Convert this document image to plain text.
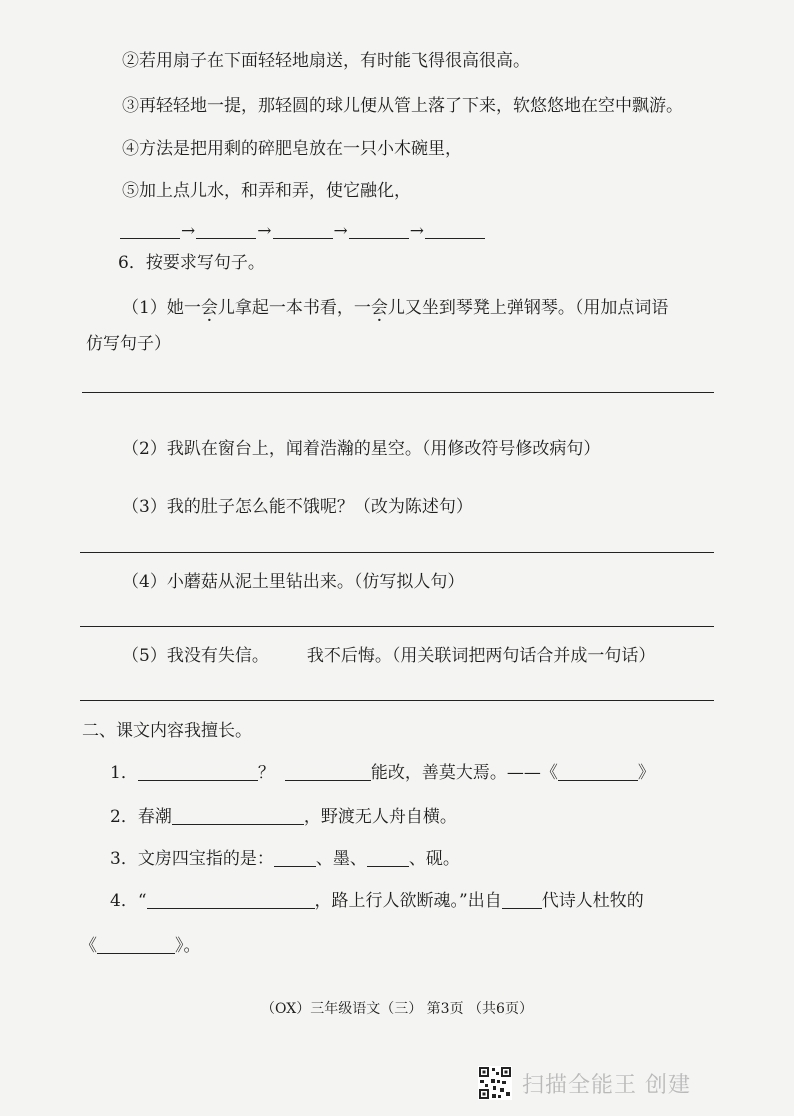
②若用扇子在下面轻轻地扇送，有时能飞得很高很高。
③再轻轻地一提，那轻圆的球儿便从管上落了下来，软悠悠地在空中飘游。
④方法是把用剩的碎肥皂放在一只小木碗里，
⑤加上点儿水，和弄和弄，使它融化，
→	→	→	→
6．按要求写句子。
（1）她一会儿拿起一本书看，一会儿又坐到琴凳上弹钢琴。（用加点词语
仿写句子）
（2）我趴在窗台上，闻着浩瀚的星空。（用修改符号修改病句）
（3）我的肚子怎么能不饿呢？（改为陈述句）
（4）小蘑菇从泥土里钻出来。（仿写拟人句）
（5）我没有失信。 我不后悔。（用关联词把两句话合并成一句话）
二、课文内容我擅长。
1．	？	能改，善莫大焉。——《	》
2．春潮	，野渡无人舟自横。
3．文房四宝指的是： 、墨、 、砚。
4．“	，路上行人欲断魂。”出自 代诗人杜牧的
《	》。
（OX）三年级语文（三） 第3页 （共6页）
扫描全能王 创建
